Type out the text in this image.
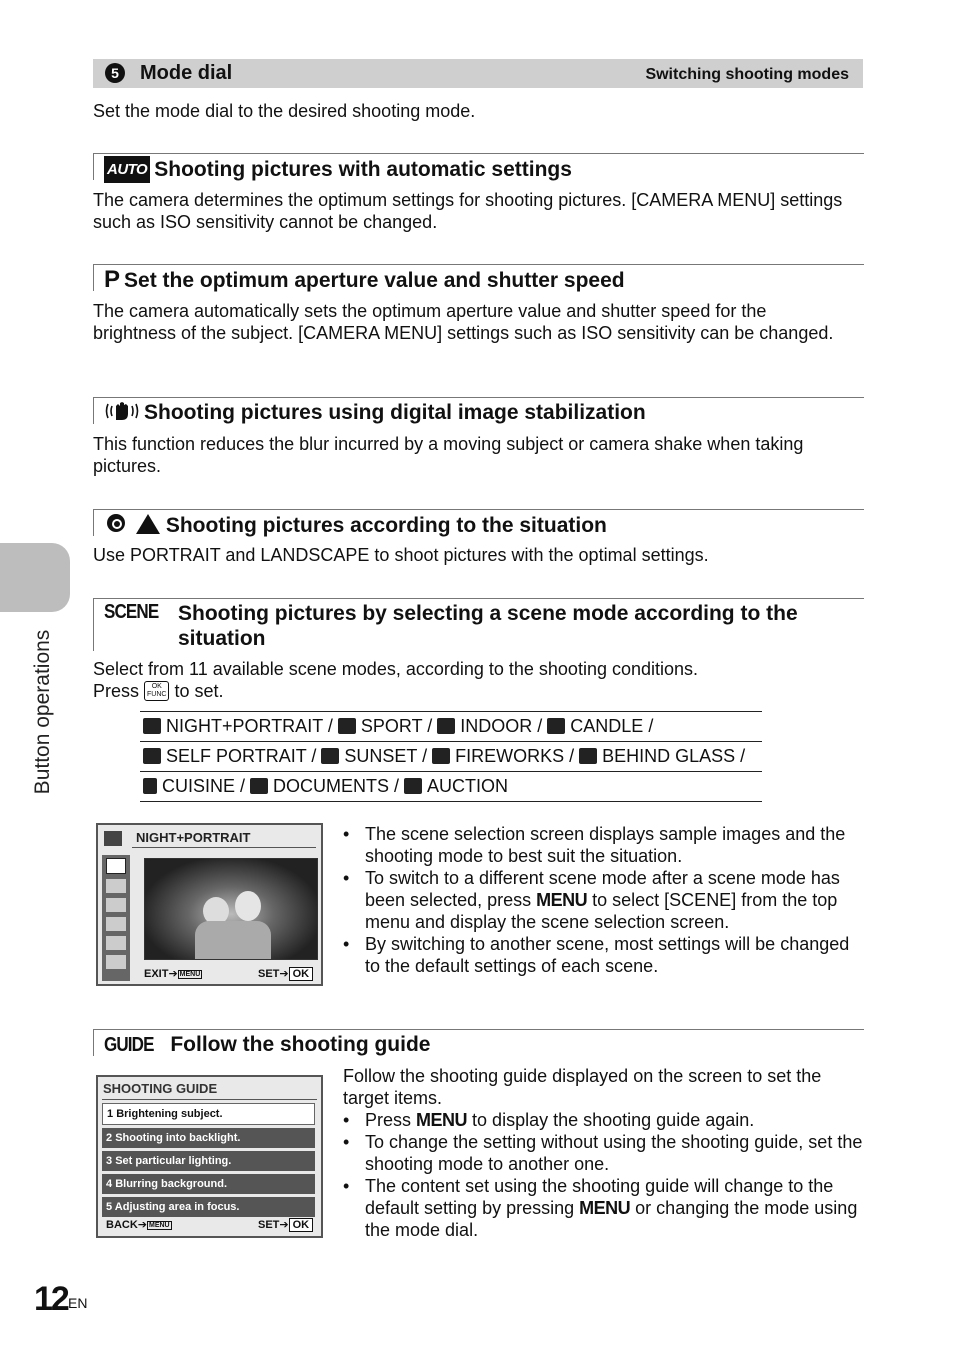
5	Mode dial	Switching shooting modes

Set the mode dial to the desired shooting mode.

AUTO Shooting pictures with automatic settings

The camera determines the optimum settings for shooting pictures. [CAMERA MENU] settings such as ISO sensitivity cannot be changed.

P Set the optimum aperture value and shutter speed

The camera automatically sets the optimum aperture value and shutter speed for the brightness of the subject. [CAMERA MENU] settings such as ISO sensitivity can be changed.

Shooting pictures using digital image stabilization

This function reduces the blur incurred by a moving subject or camera shake when taking pictures.

Shooting pictures according to the situation

Use PORTRAIT and LANDSCAPE to shoot pictures with the optimal settings.

SCENE Shooting pictures by selecting a scene mode according to the
situation

Select from 11 available scene modes, according to the shooting conditions.

Press OK
FUNC to set.

NIGHT+PORTRAIT / SPORT / INDOOR / CANDLE /
SELF PORTRAIT / SUNSET / FIREWORKS / BEHIND GLASS /
CUISINE / DOCUMENTS / AUCTION
NIGHT+PORTRAIT
EXIT➔ MENU	SET➔ OK
• The scene selection screen displays sample images and the shooting mode to best suit the situation.
• To switch to a different scene mode after a scene mode has been selected, press MENU to select [SCENE] from the top menu and display the scene selection screen.
• By switching to another scene, most settings will be changed to the default settings of each scene.
Button operations
GUIDE Follow the shooting guide
SHOOTING GUIDE
1 Brightening subject.
2 Shooting into backlight.
3 Set particular lighting.
4 Blurring background.
5 Adjusting area in focus.
BACK➔ MENU	SET➔ OK

Follow the shooting guide displayed on the screen to set the target items.

• Press MENU to display the shooting guide again.
• To change the setting without using the shooting guide, set the shooting mode to another one.
• The content set using the shooting guide will change to the default setting by pressing MENU or changing the mode using the mode dial.
12 EN
